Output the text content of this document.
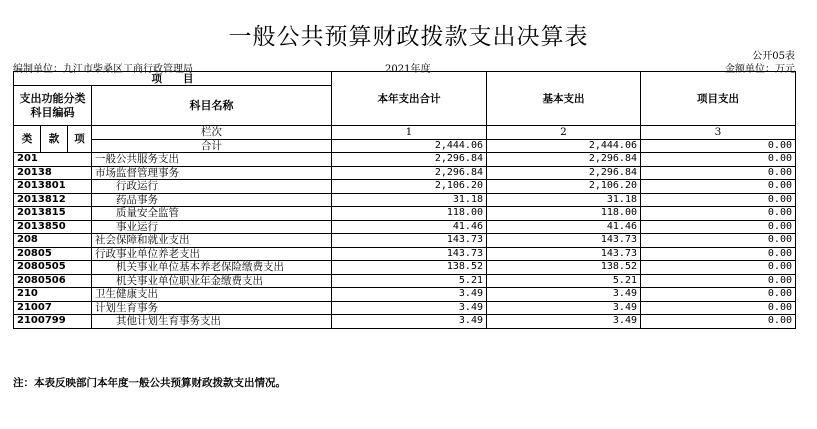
一般公共预算财政拨款支出决算表
公开05表
编制单位：九江市柴桑区工商行政管理局	2021年度	金额单位：万元
项　　目				本年支出合计	基本支出	项目支出
支出功能分类科目编码			科目名称			

类	款	项	栏次	1	2	3
			合计	2,444.06	2,444.06	0.00
201			一般公共服务支出	2,296.84	2,296.84	0.00
20138			市场监督管理事务	2,296.84	2,296.84	0.00
2013801			行政运行	2,106.20	2,106.20	0.00
2013812			药品事务	31.18	31.18	0.00
2013815			质量安全监管	118.00	118.00	0.00
2013850			事业运行	41.46	41.46	0.00
208			社会保障和就业支出	143.73	143.73	0.00
20805			行政事业单位养老支出	143.73	143.73	0.00
2080505			机关事业单位基本养老保险缴费支出	138.52	138.52	0.00
2080506			机关事业单位职业年金缴费支出	5.21	5.21	0.00
210			卫生健康支出	3.49	3.49	0.00
21007			计划生育事务	3.49	3.49	0.00
2100799			其他计划生育事务支出	3.49	3.49	0.00
注：本表反映部门本年度一般公共预算财政拨款支出情况。
